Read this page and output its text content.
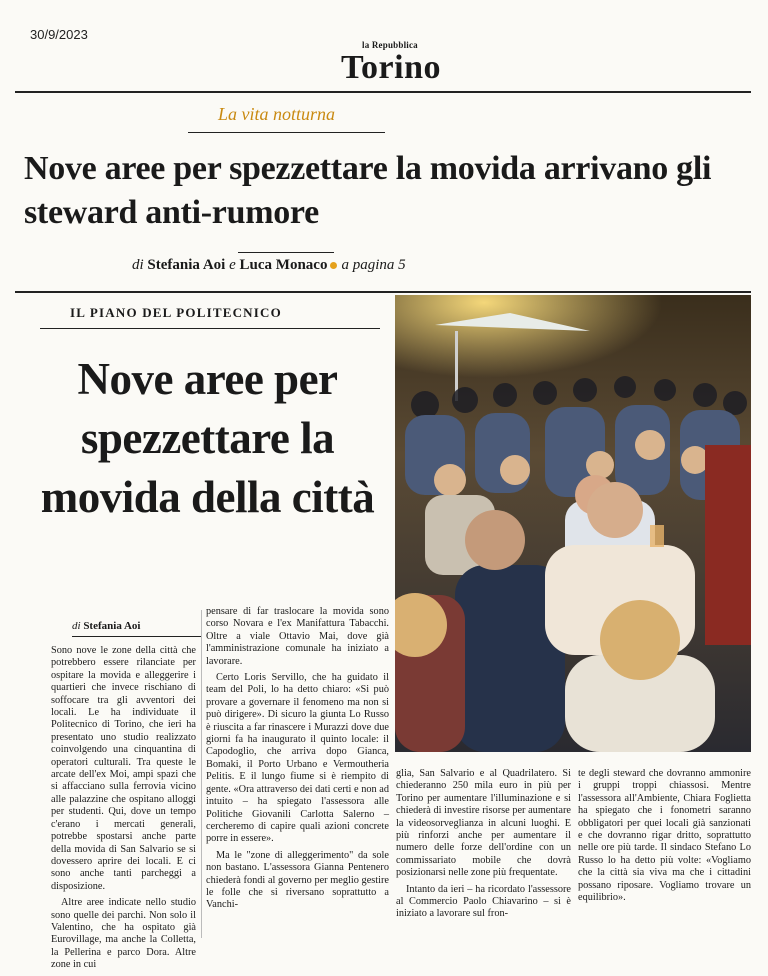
30/9/2023
la Repubblica
Torino
La vita notturna
Nove aree per spezzettare la movida arrivano gli steward anti-rumore
di Stefania Aoi e Luca Monaco a pagina 5
IL PIANO DEL POLITECNICO
Nove aree per spezzettare la movida della città
di Stefania Aoi

Sono nove le zone della città che potrebbero essere rilanciate per ospitare la movida e alleggerire i quartieri che invece rischiano di soffocare tra gli avventori dei locali. Le ha individuate il Politecnico di Torino, che ieri ha presentato uno studio realizzato coinvolgendo una cinquantina di operatori culturali. Tra queste le arcate dell'ex Moi, ampi spazi che si affacciano sulla ferrovia vicino alle palazzine che ospitano alloggi per studenti. Qui, dove un tempo c'erano i mercati generali, potrebbe spostarsi anche parte della movida di San Salvario se si dovessero aprire dei locali. E ci sono anche tanti parcheggi a disposizione.

Altre aree indicate nello studio sono quelle dei parchi. Non solo il Valentino, che ha ospitato già Eurovillage, ma anche la Colletta, la Pellerina e parco Dora. Altre zone in cui

pensare di far traslocare la movida sono corso Novara e l'ex Manifattura Tabacchi. Oltre a viale Ottavio Mai, dove già l'amministrazione comunale ha iniziato a lavorare.

Certo Loris Servillo, che ha guidato il team del Poli, lo ha detto chiaro: «Si può provare a governare il fenomeno ma non si può dirigere». Di sicuro la giunta Lo Russo è riuscita a far rinascere i Murazzi dove due giorni fa ha inaugurato il quinto locale: il Capodoglio, che arriva dopo Gianca, Bomaki, il Porto Urbano e Vermoutheria Pelitis. E il lungo fiume si è riempito di gente. «Ora attraverso dei dati certi e non ad intuito – ha spiegato l'assessora alle Politiche Giovanili Carlotta Salerno – cercheremo di capire quali azioni concrete porre in essere».

Ma le "zone di alleggerimento" da sole non bastano. L'assessora Gianna Pentenero chiederà fondi al governo per meglio gestire le folle che si riversano soprattutto a Vanchi-

glia, San Salvario e al Quadrilatero. Si chiederanno 250 mila euro in più per Torino per aumentare l'illuminazione e si chiederà di investire risorse per aumentare la videosorveglianza in alcuni luoghi. E più rinforzi anche per aumentare il numero delle forze dell'ordine con un commissariato mobile che dovrà posizionarsi nelle zone più frequentate.

Intanto da ieri – ha ricordato l'assessore al Commercio Paolo Chiavarino – si è iniziato a lavorare sul fron-

te degli steward che dovranno ammonire i gruppi troppi chiassosi. Mentre l'assessora all'Ambiente, Chiara Foglietta ha spiegato che i fonometri saranno obbligatori per quei locali già sanzionati e che dovranno rigar dritto, soprattutto nelle ore più tarde. Il sindaco Stefano Lo Russo lo ha detto più volte: «Vogliamo che la città sia viva ma che i cittadini possano riposare. Vogliamo trovare un equilibrio».
